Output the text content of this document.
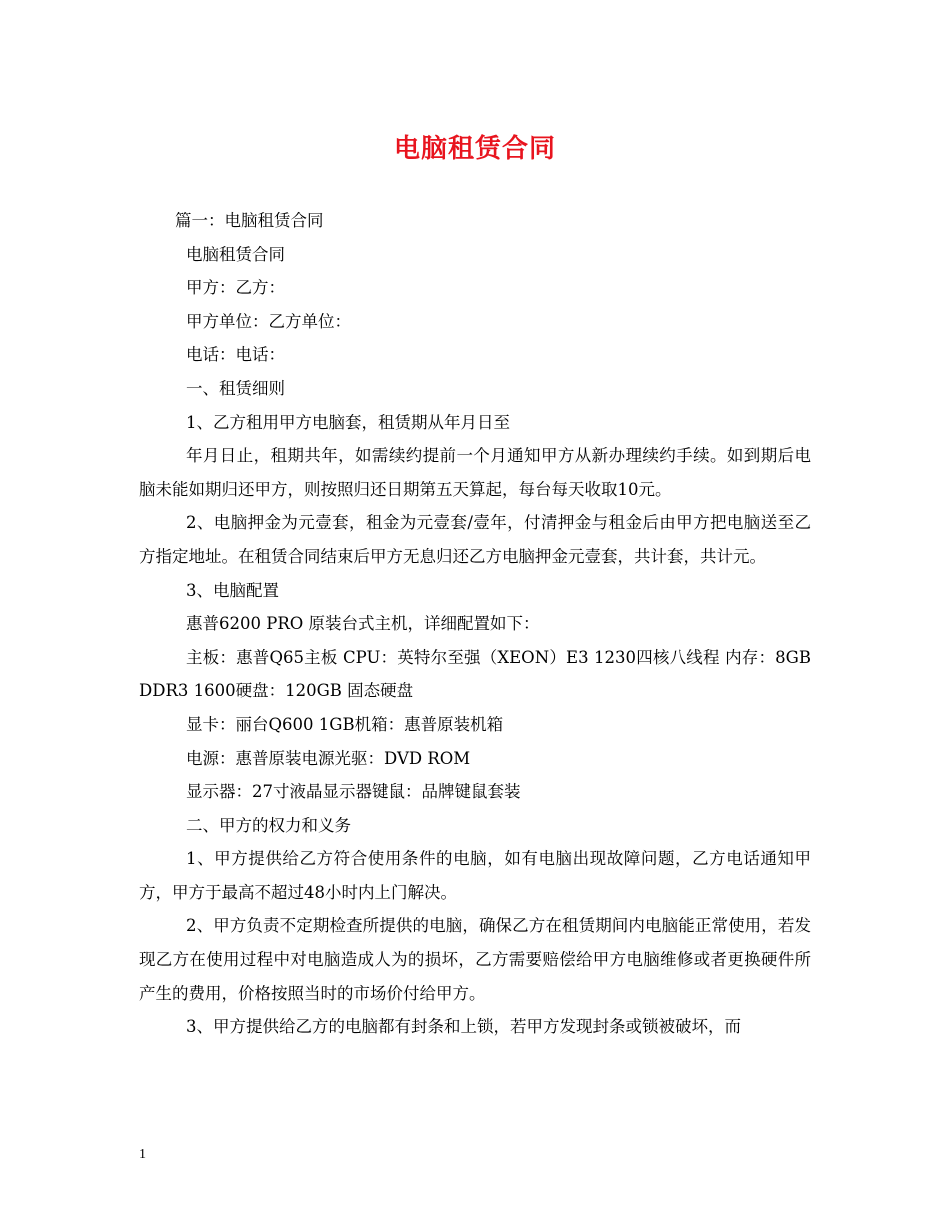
电脑租赁合同
篇一：电脑租赁合同
电脑租赁合同
甲方：乙方：
甲方单位：乙方单位：
电话：电话：
一、租赁细则
1、乙方租用甲方电脑套，租赁期从年月日至
年月日止，租期共年，如需续约提前一个月通知甲方从新办理续约手续。如到期后电脑未能如期归还甲方，则按照归还日期第五天算起，每台每天收取10元。
2、电脑押金为元壹套，租金为元壹套/壹年，付清押金与租金后由甲方把电脑送至乙方指定地址。在租赁合同结束后甲方无息归还乙方电脑押金元壹套，共计套，共计元。
3、电脑配置
惠普6200 PRO 原装台式主机，详细配置如下：
主板：惠普Q65主板 CPU：英特尔至强（XEON）E3 1230四核八线程 内存：8GB DDR3 1600硬盘：120GB 固态硬盘
显卡：丽台Q600 1GB机箱：惠普原装机箱
电源：惠普原装电源光驱：DVD ROM
显示器：27寸液晶显示器键鼠：品牌键鼠套装
二、甲方的权力和义务
1、甲方提供给乙方符合使用条件的电脑，如有电脑出现故障问题，乙方电话通知甲方，甲方于最高不超过48小时内上门解决。
2、甲方负责不定期检查所提供的电脑，确保乙方在租赁期间内电脑能正常使用，若发现乙方在使用过程中对电脑造成人为的损坏，乙方需要赔偿给甲方电脑维修或者更换硬件所产生的费用，价格按照当时的市场价付给甲方。
3、甲方提供给乙方的电脑都有封条和上锁，若甲方发现封条或锁被破坏，而
1
